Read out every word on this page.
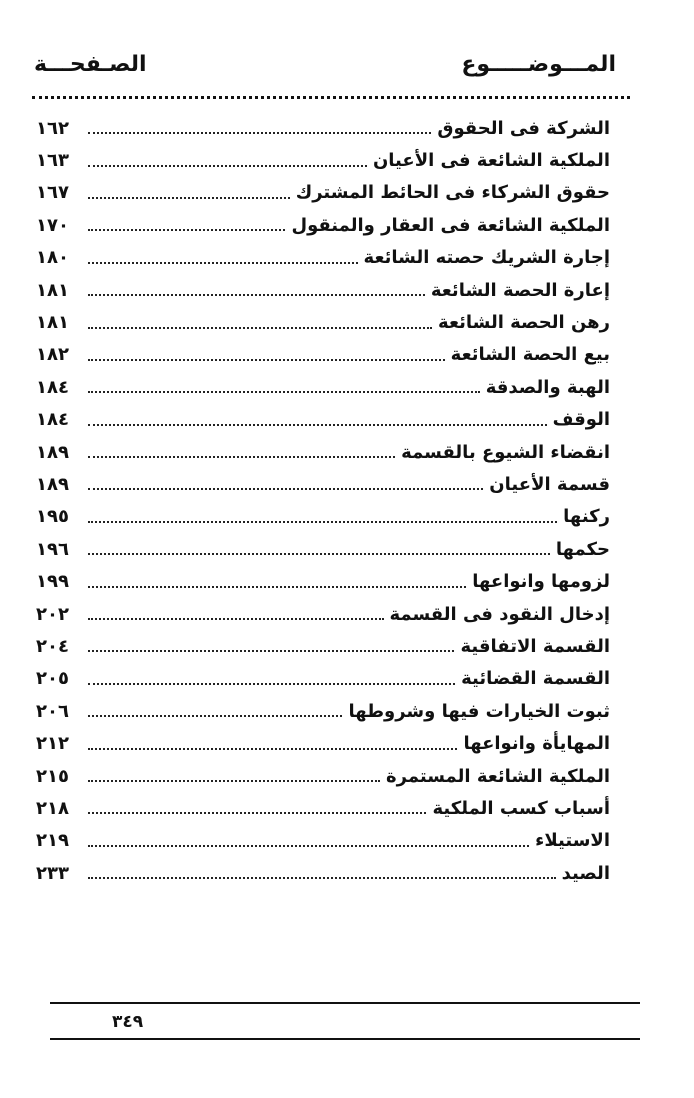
المـــوضـــــوع
الصـفحـــة
الشركة فى الحقوق
١٦٢
الملكية الشائعة فى الأعيان
١٦٣
حقوق الشركاء فى الحائط المشترك
١٦٧
الملكية الشائعة فى العقار والمنقول
١٧٠
إجارة الشريك حصته الشائعة
١٨٠
إعارة الحصة الشائعة
١٨١
رهن الحصة الشائعة
١٨١
بيع الحصة الشائعة
١٨٢
الهبة والصدقة
١٨٤
الوقف
١٨٤
انقضاء الشيوع بالقسمة
١٨٩
قسمة الأعيان
١٨٩
ركنها
١٩٥
حكمها
١٩٦
لزومها وانواعها
١٩٩
إدخال النقود فى القسمة
٢٠٢
القسمة الاتفاقية
٢٠٤
القسمة القضائية
٢٠٥
ثبوت الخيارات فيها وشروطها
٢٠٦
المهايأة وانواعها
٢١٢
الملكية الشائعة المستمرة
٢١٥
أسباب كسب الملكية
٢١٨
الاستيلاء
٢١٩
الصيد
٢٣٣
٣٤٩
